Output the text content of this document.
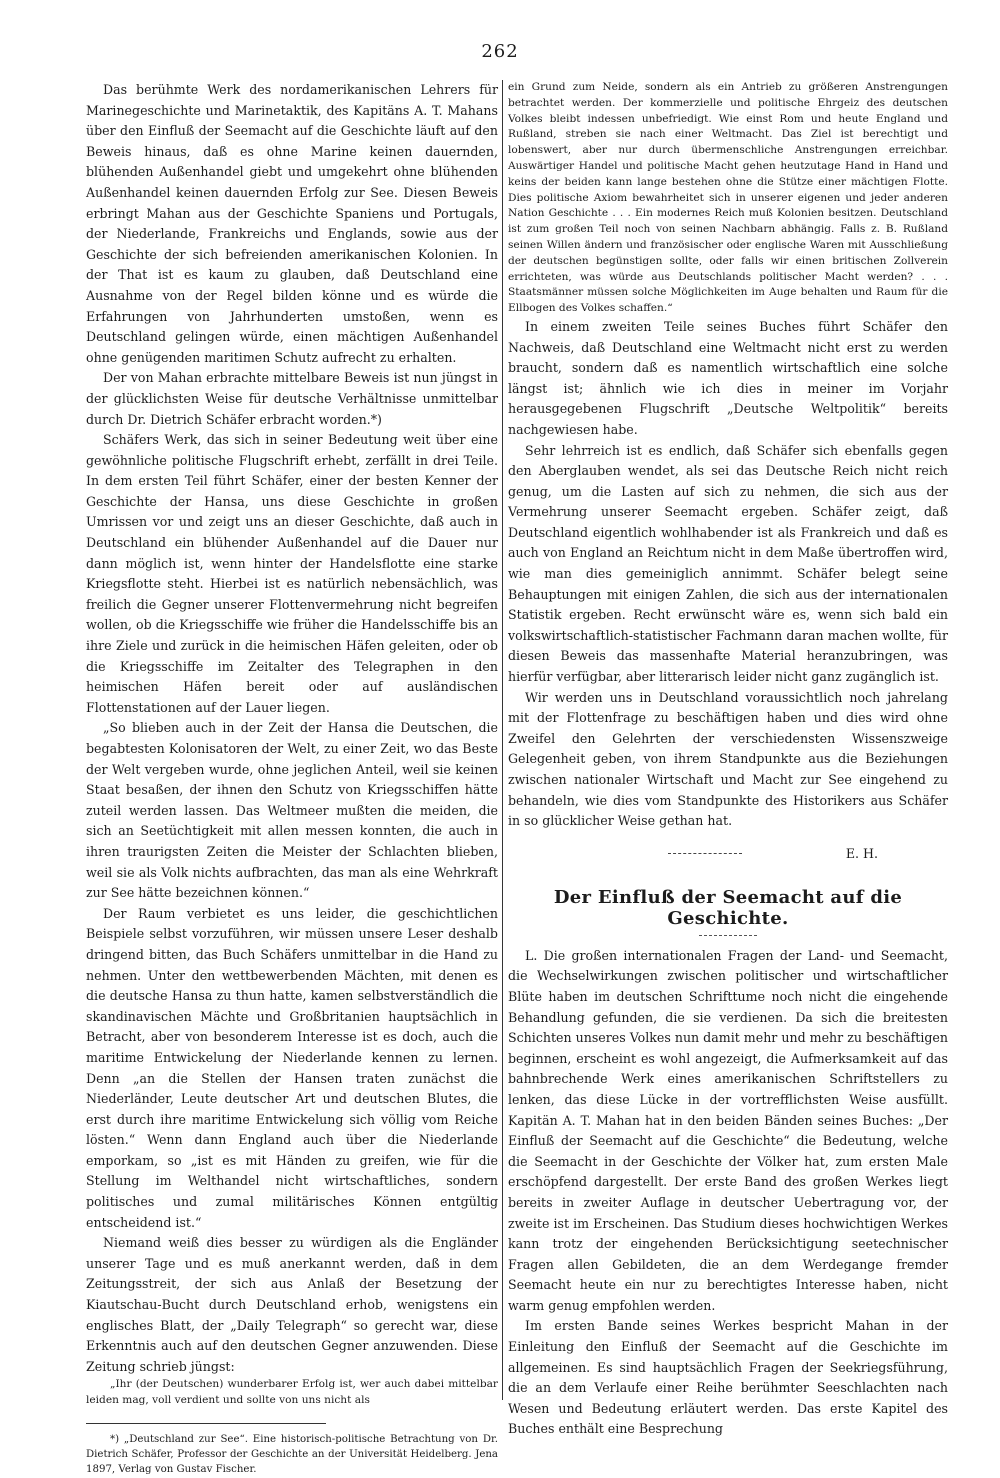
262

Das berühmte Werk des nordamerikanischen Lehrers für Marinegeschichte und Marinetaktik, des Kapitäns A. T. Mahans über den Einfluß der Seemacht auf die Geschichte läuft auf den Beweis hinaus, daß es ohne Marine keinen dauernden, blühenden Außenhandel giebt und umgekehrt ohne blühenden Außenhandel keinen dauernden Erfolg zur See. Diesen Beweis erbringt Mahan aus der Geschichte Spaniens und Portugals, der Niederlande, Frankreichs und Englands, sowie aus der Geschichte der sich befreienden amerikanischen Kolonien. In der That ist es kaum zu glauben, daß Deutschland eine Ausnahme von der Regel bilden könne und es würde die Erfahrungen von Jahrhunderten umstoßen, wenn es Deutschland gelingen würde, einen mächtigen Außenhandel ohne genügenden maritimen Schutz aufrecht zu erhalten.

Der von Mahan erbrachte mittelbare Beweis ist nun jüngst in der glücklichsten Weise für deutsche Verhältnisse unmittelbar durch Dr. Dietrich Schäfer erbracht worden.*)

Schäfers Werk, das sich in seiner Bedeutung weit über eine gewöhnliche politische Flugschrift erhebt, zerfällt in drei Teile. In dem ersten Teil führt Schäfer, einer der besten Kenner der Geschichte der Hansa, uns diese Geschichte in großen Umrissen vor und zeigt uns an dieser Geschichte, daß auch in Deutschland ein blühender Außenhandel auf die Dauer nur dann möglich ist, wenn hinter der Handelsflotte eine starke Kriegsflotte steht. Hierbei ist es natürlich nebensächlich, was freilich die Gegner unserer Flottenvermehrung nicht begreifen wollen, ob die Kriegsschiffe wie früher die Handelsschiffe bis an ihre Ziele und zurück in die heimischen Häfen geleiten, oder ob die Kriegsschiffe im Zeitalter des Telegraphen in den heimischen Häfen bereit oder auf ausländischen Flottenstationen auf der Lauer liegen.

„So blieben auch in der Zeit der Hansa die Deutschen, die begabtesten Kolonisatoren der Welt, zu einer Zeit, wo das Beste der Welt vergeben wurde, ohne jeglichen Anteil, weil sie keinen Staat besaßen, der ihnen den Schutz von Kriegsschiffen hätte zuteil werden lassen. Das Weltmeer mußten die meiden, die sich an Seetüchtigkeit mit allen messen konnten, die auch in ihren traurigsten Zeiten die Meister der Schlachten blieben, weil sie als Volk nichts aufbrachten, das man als eine Wehrkraft zur See hätte bezeichnen können.“

Der Raum verbietet es uns leider, die geschichtlichen Beispiele selbst vorzuführen, wir müssen unsere Leser deshalb dringend bitten, das Buch Schäfers unmittelbar in die Hand zu nehmen. Unter den wettbewerbenden Mächten, mit denen es die deutsche Hansa zu thun hatte, kamen selbstverständlich die skandinavischen Mächte und Großbritanien hauptsächlich in Betracht, aber von besonderem Interesse ist es doch, auch die maritime Entwickelung der Niederlande kennen zu lernen. Denn „an die Stellen der Hansen traten zunächst die Niederländer, Leute deutscher Art und deutschen Blutes, die erst durch ihre maritime Entwickelung sich völlig vom Reiche lösten.“ Wenn dann England auch über die Niederlande emporkam, so „ist es mit Händen zu greifen, wie für die Stellung im Welthandel nicht wirtschaftliches, sondern politisches und zumal militärisches Können entgültig entscheidend ist.“

Niemand weiß dies besser zu würdigen als die Engländer unserer Tage und es muß anerkannt werden, daß in dem Zeitungsstreit, der sich aus Anlaß der Besetzung der Kiautschau-Bucht durch Deutschland erhob, wenigstens ein englisches Blatt, der „Daily Telegraph“ so gerecht war, diese Erkenntnis auch auf den deutschen Gegner anzuwenden. Diese Zeitung schrieb jüngst:

„Ihr (der Deutschen) wunderbarer Erfolg ist, wer auch dabei mittelbar leiden mag, voll verdient und sollte von uns nicht als

*) „Deutschland zur See“. Eine historisch-politische Betrachtung von Dr. Dietrich Schäfer, Professor der Geschichte an der Universität Heidelberg. Jena 1897, Verlag von Gustav Fischer.

ein Grund zum Neide, sondern als ein Antrieb zu größeren Anstrengungen betrachtet werden. Der kommerzielle und politische Ehrgeiz des deutschen Volkes bleibt indessen unbefriedigt. Wie einst Rom und heute England und Rußland, streben sie nach einer Weltmacht. Das Ziel ist berechtigt und lobenswert, aber nur durch übermenschliche Anstrengungen erreichbar. Auswärtiger Handel und politische Macht gehen heutzutage Hand in Hand und keins der beiden kann lange bestehen ohne die Stütze einer mächtigen Flotte. Dies politische Axiom bewahrheitet sich in unserer eigenen und jeder anderen Nation Geschichte . . . Ein modernes Reich muß Kolonien besitzen. Deutschland ist zum großen Teil noch von seinen Nachbarn abhängig. Falls z. B. Rußland seinen Willen ändern und französischer oder englische Waren mit Ausschließung der deutschen begünstigen sollte, oder falls wir einen britischen Zollverein errichteten, was würde aus Deutschlands politischer Macht werden? . . . Staatsmänner müssen solche Möglichkeiten im Auge behalten und Raum für die Ellbogen des Volkes schaffen.“

In einem zweiten Teile seines Buches führt Schäfer den Nachweis, daß Deutschland eine Weltmacht nicht erst zu werden braucht, sondern daß es namentlich wirtschaftlich eine solche längst ist; ähnlich wie ich dies in meiner im Vorjahr herausgegebenen Flugschrift „Deutsche Weltpolitik“ bereits nachgewiesen habe.

Sehr lehrreich ist es endlich, daß Schäfer sich ebenfalls gegen den Aberglauben wendet, als sei das Deutsche Reich nicht reich genug, um die Lasten auf sich zu nehmen, die sich aus der Vermehrung unserer Seemacht ergeben. Schäfer zeigt, daß Deutschland eigentlich wohlhabender ist als Frankreich und daß es auch von England an Reichtum nicht in dem Maße übertroffen wird, wie man dies gemeiniglich annimmt. Schäfer belegt seine Behauptungen mit einigen Zahlen, die sich aus der internationalen Statistik ergeben. Recht erwünscht wäre es, wenn sich bald ein volkswirtschaftlich-statistischer Fachmann daran machen wollte, für diesen Beweis das massenhafte Material heranzubringen, was hierfür verfügbar, aber litterarisch leider nicht ganz zugänglich ist.

Wir werden uns in Deutschland voraussichtlich noch jahrelang mit der Flottenfrage zu beschäftigen haben und dies wird ohne Zweifel den Gelehrten der verschiedensten Wissenszweige Gelegenheit geben, von ihrem Standpunkte aus die Beziehungen zwischen nationaler Wirtschaft und Macht zur See eingehend zu behandeln, wie dies vom Standpunkte des Historikers aus Schäfer in so glücklicher Weise gethan hat.

E. H.
Der Einfluß der Seemacht auf die Geschichte.

L. Die großen internationalen Fragen der Land- und Seemacht, die Wechselwirkungen zwischen politischer und wirtschaftlicher Blüte haben im deutschen Schrifttume noch nicht die eingehende Behandlung gefunden, die sie verdienen. Da sich die breitesten Schichten unseres Volkes nun damit mehr und mehr zu beschäftigen beginnen, erscheint es wohl angezeigt, die Aufmerksamkeit auf das bahnbrechende Werk eines amerikanischen Schriftstellers zu lenken, das diese Lücke in der vortrefflichsten Weise ausfüllt. Kapitän A. T. Mahan hat in den beiden Bänden seines Buches: „Der Einfluß der Seemacht auf die Geschichte“ die Bedeutung, welche die Seemacht in der Geschichte der Völker hat, zum ersten Male erschöpfend dargestellt. Der erste Band des großen Werkes liegt bereits in zweiter Auflage in deutscher Uebertragung vor, der zweite ist im Erscheinen. Das Studium dieses hochwichtigen Werkes kann trotz der eingehenden Berücksichtigung seetechnischer Fragen allen Gebildeten, die an dem Werdegange fremder Seemacht heute ein nur zu berechtigtes Interesse haben, nicht warm genug empfohlen werden.

Im ersten Bande seines Werkes bespricht Mahan in der Einleitung den Einfluß der Seemacht auf die Geschichte im allgemeinen. Es sind hauptsächlich Fragen der Seekriegsführung, die an dem Verlaufe einer Reihe berühmter Seeschlachten nach Wesen und Bedeutung erläutert werden. Das erste Kapitel des Buches enthält eine Besprechung
